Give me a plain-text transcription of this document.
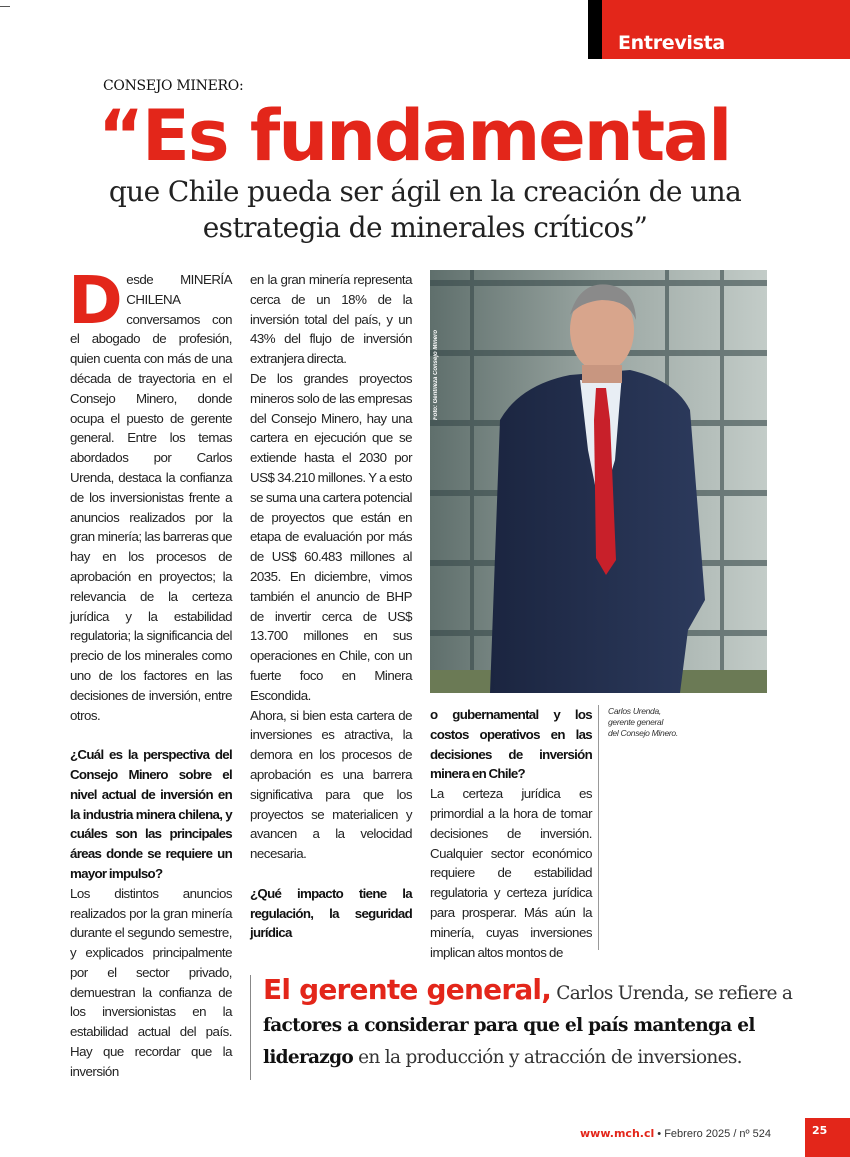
Entrevista
CONSEJO MINERO:
“Es fundamental
que Chile pueda ser ágil en la creación de una estrategia de minerales críticos”

Desde MINERÍA CHILENA conversamos con el abogado de profesión, quien cuenta con más de una década de trayectoria en el Consejo Minero, donde ocupa el puesto de gerente general. Entre los temas abordados por Carlos Urenda, destaca la confianza de los inversionistas frente a anuncios realizados por la gran minería; las barreras que hay en los procesos de aprobación en proyectos; la relevancia de la certeza jurídica y la estabilidad regulatoria; la significancia del precio de los minerales como uno de los factores en las decisiones de inversión, entre otros.

¿Cuál es la perspectiva del Consejo Minero sobre el nivel actual de inversión en la industria minera chilena, y cuáles son las principales áreas donde se requiere un mayor impulso?

Los distintos anuncios realizados por la gran minería durante el segundo semestre, y explicados principalmente por el sector privado, demuestran la confianza de los inversionistas en la estabilidad actual del país. Hay que recordar que la inversión

en la gran minería representa cerca de un 18% de la inversión total del país, y un 43% del flujo de inversión extranjera directa.

De los grandes proyectos mineros solo de las empresas del Consejo Minero, hay una cartera en ejecución que se extiende hasta el 2030 por US$ 34.210 millones. Y a esto se suma una cartera potencial de proyectos que están en etapa de evaluación por más de US$ 60.483 millones al 2035. En diciembre, vimos también el anuncio de BHP de invertir cerca de US$ 13.700 millones en sus operaciones en Chile, con un fuerte foco en Minera Escondida.

Ahora, si bien esta cartera de inversiones es atractiva, la demora en los procesos de aprobación es una barrera significativa para que los proyectos se materialicen y avancen a la velocidad necesaria.

¿Qué impacto tiene la regulación, la seguridad jurídica

Foto: Gentileza Consejo Minero

o gubernamental y los costos operativos en las decisiones de inversión minera en Chile?

La certeza jurídica es primordial a la hora de tomar decisiones de inversión. Cualquier sector económico requiere de estabilidad regulatoria y certeza jurídica para prosperar. Más aún la minería, cuyas inversiones implican altos montos de

Carlos Urenda,
gerente general
del Consejo Minero.
El gerente general, Carlos Urenda, se refiere a factores a considerar para que el país mantenga el liderazgo en la producción y atracción de inversiones.
www.mch.cl • Febrero 2025 / nº 524	25
